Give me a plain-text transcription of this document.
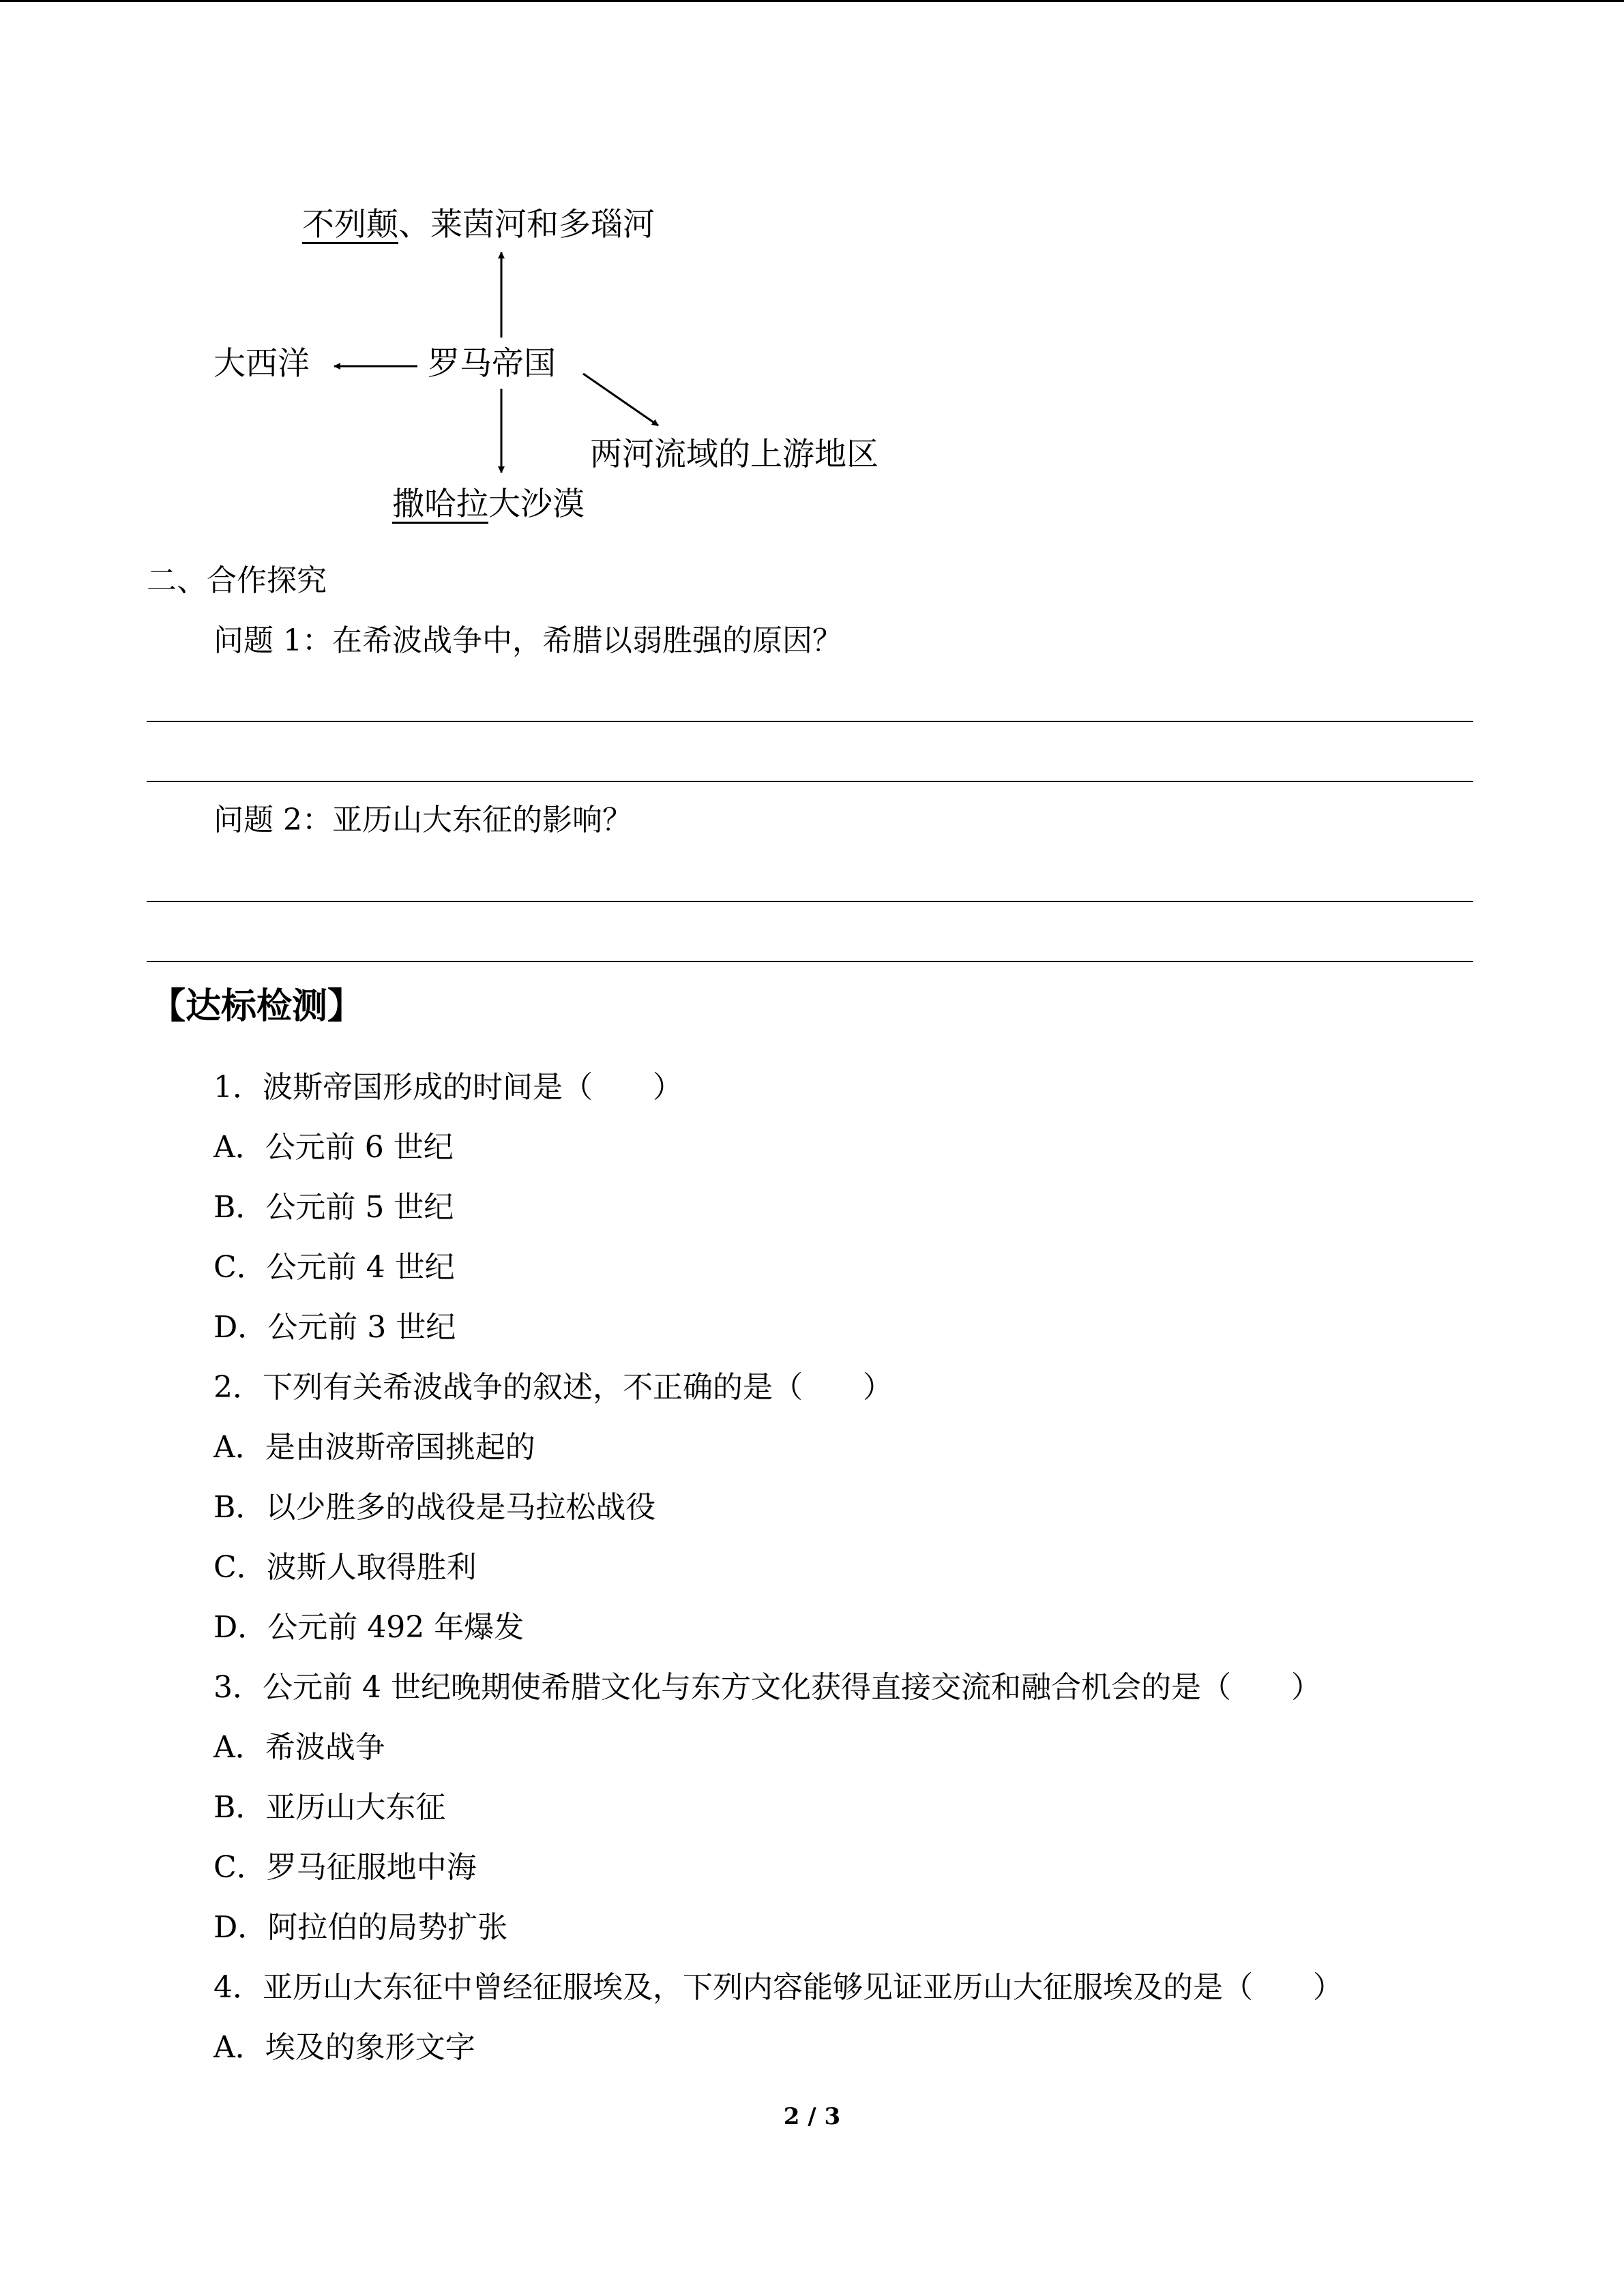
不列颠、莱茵河和多瑙河
大西洋	罗马帝国
两河流域的上游地区
撒哈拉大沙漠
二、合作探究
问题 1：在希波战争中，希腊以弱胜强的原因？
问题 2：亚历山大东征的影响？
【达标检测】
1．波斯帝国形成的时间是（　　）
A．公元前 6 世纪
B．公元前 5 世纪
C．公元前 4 世纪
D．公元前 3 世纪
2．下列有关希波战争的叙述，不正确的是（　　）
A．是由波斯帝国挑起的
B．以少胜多的战役是马拉松战役
C．波斯人取得胜利
D．公元前 492 年爆发
3．公元前 4 世纪晚期使希腊文化与东方文化获得直接交流和融合机会的是（　　）
A．希波战争
B．亚历山大东征
C．罗马征服地中海
D．阿拉伯的局势扩张
4．亚历山大东征中曾经征服埃及，下列内容能够见证亚历山大征服埃及的是（　　）
A．埃及的象形文字
2 / 3
